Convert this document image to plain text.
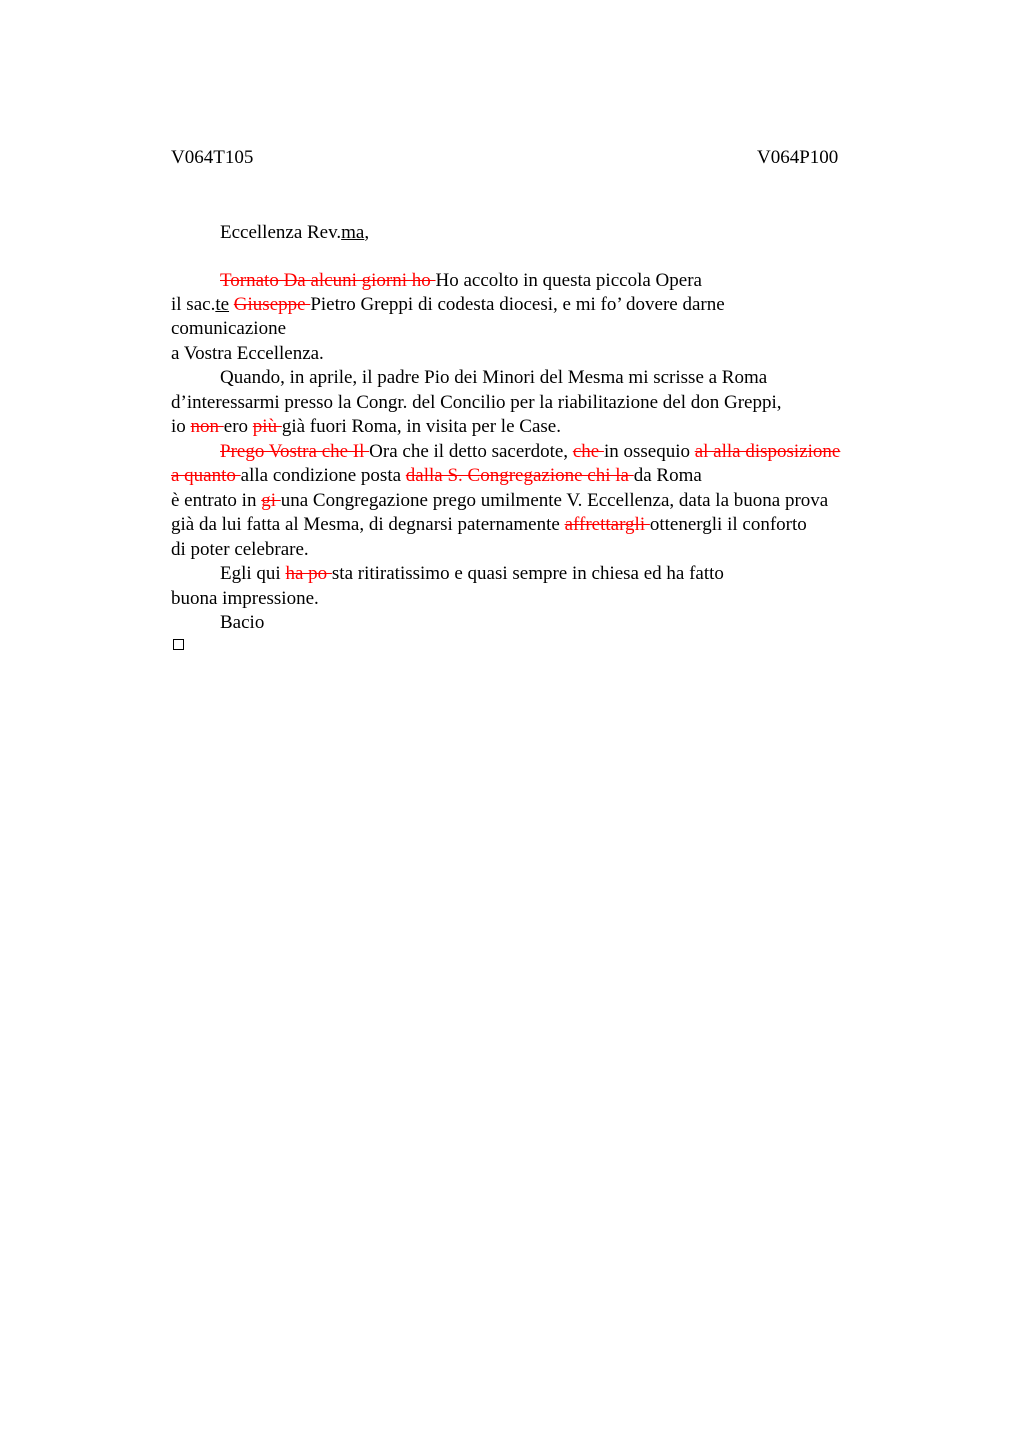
V064T105	V064P100
Eccellenza Rev.ma,
Tornato Da alcuni giorni ho Ho accolto in questa piccola Opera
il sac.te Giuseppe Pietro Greppi di codesta diocesi, e mi fo’ dovere darne
comunicazione
a Vostra Eccellenza.
Quando, in aprile, il padre Pio dei Minori del Mesma mi scrisse a Roma
d’interessarmi presso la Congr. del Concilio per la riabilitazione del don Greppi,
io non ero più già fuori Roma, in visita per le Case.
Prego Vostra che Il Ora che il detto sacerdote, che in ossequio al alla disposizione
a quanto alla condizione posta dalla S. Congregazione chi la da Roma
è entrato in gi una Congregazione prego umilmente V. Eccellenza, data la buona prova
già da lui fatta al Mesma, di degnarsi paternamente affrettargli ottenergli il conforto
di poter celebrare.
Egli qui ha po sta ritiratissimo e quasi sempre in chiesa ed ha fatto
buona impressione.
Bacio
